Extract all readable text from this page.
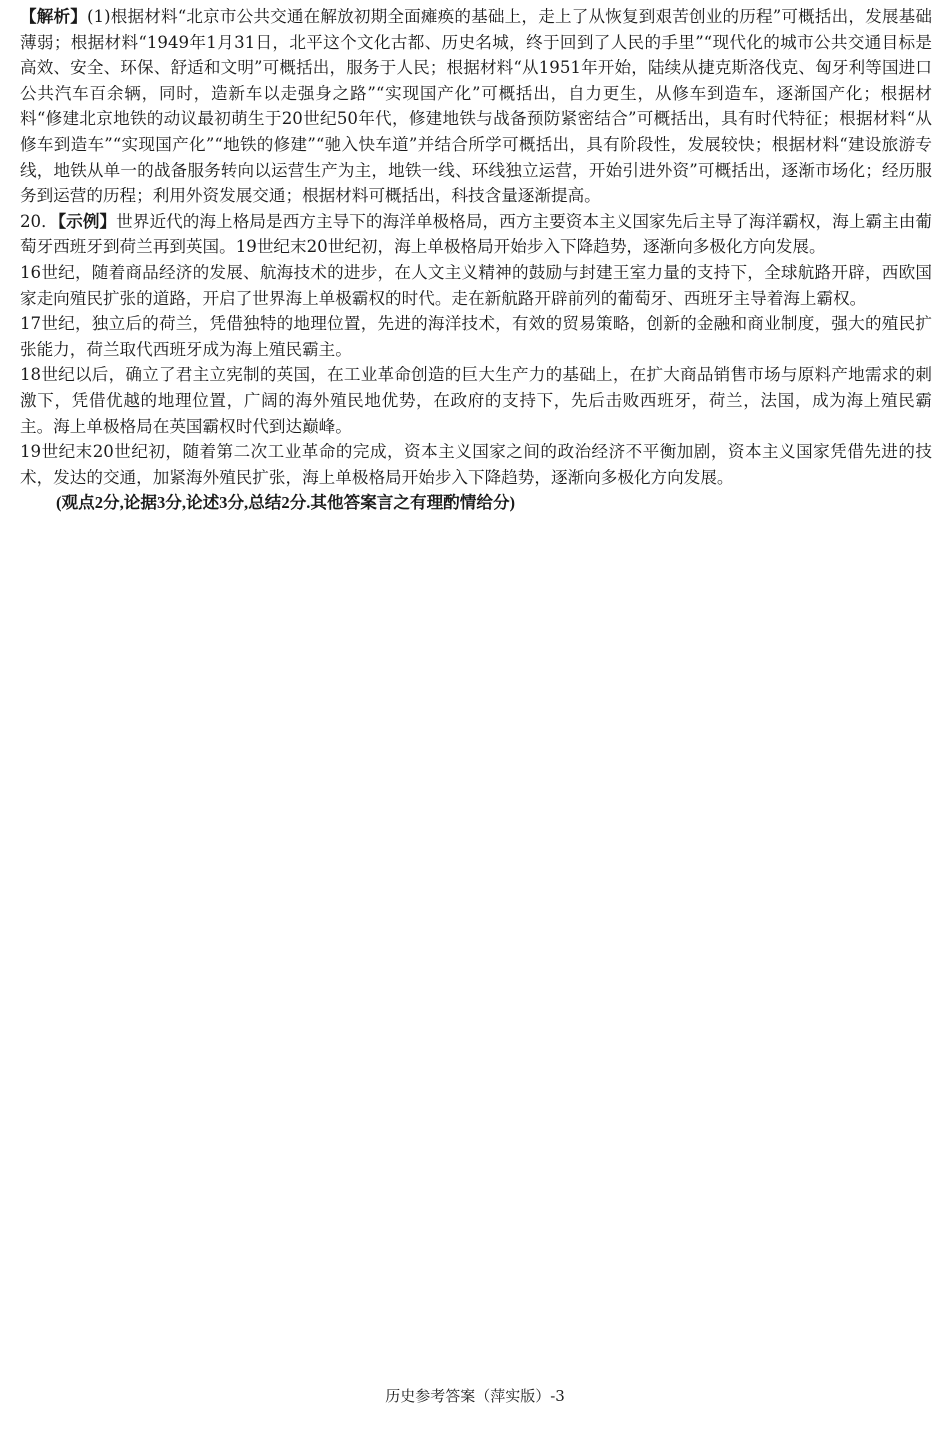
【解析】(1)根据材料“北京市公共交通在解放初期全面瘫痪的基础上，走上了从恢复到艰苦创业的历程”可概括出，发展基础薄弱；根据材料“1949年1月31日，北平这个文化古都、历史名城，终于回到了人民的手里”“现代化的城市公共交通目标是高效、安全、环保、舒适和文明”可概括出，服务于人民；根据材料“从1951年开始，陆续从捷克斯洛伐克、匈牙利等国进口公共汽车百余辆，同时，造新车以走强身之路”“实现国产化”可概括出，自力更生，从修车到造车，逐渐国产化；根据材料“修建北京地铁的动议最初萌生于20世纪50年代，修建地铁与战备预防紧密结合”可概括出，具有时代特征；根据材料“从修车到造车”“实现国产化”“地铁的修建”“驰入快车道”并结合所学可概括出，具有阶段性，发展较快；根据材料“建设旅游专线，地铁从单一的战备服务转向以运营生产为主，地铁一线、环线独立运营，开始引进外资”可概括出，逐渐市场化；经历服务到运营的历程；利用外资发展交通；根据材料可概括出，科技含量逐渐提高。

20．【示例】世界近代的海上格局是西方主导下的海洋单极格局，西方主要资本主义国家先后主导了海洋霸权，海上霸主由葡萄牙西班牙到荷兰再到英国。19世纪末20世纪初，海上单极格局开始步入下降趋势，逐渐向多极化方向发展。

16世纪，随着商品经济的发展、航海技术的进步，在人文主义精神的鼓励与封建王室力量的支持下，全球航路开辟，西欧国家走向殖民扩张的道路，开启了世界海上单极霸权的时代。走在新航路开辟前列的葡萄牙、西班牙主导着海上霸权。

17世纪，独立后的荷兰，凭借独特的地理位置，先进的海洋技术，有效的贸易策略，创新的金融和商业制度，强大的殖民扩张能力，荷兰取代西班牙成为海上殖民霸主。

18世纪以后，确立了君主立宪制的英国，在工业革命创造的巨大生产力的基础上，在扩大商品销售市场与原料产地需求的刺激下，凭借优越的地理位置，广阔的海外殖民地优势，在政府的支持下，先后击败西班牙，荷兰，法国，成为海上殖民霸主。海上单极格局在英国霸权时代到达巅峰。

19世纪末20世纪初，随着第二次工业革命的完成，资本主义国家之间的政治经济不平衡加剧，资本主义国家凭借先进的技术，发达的交通，加紧海外殖民扩张，海上单极格局开始步入下降趋势，逐渐向多极化方向发展。

(观点2分,论据3分,论述3分,总结2分.其他答案言之有理酌情给分)

历史参考答案（萍实版）-3
